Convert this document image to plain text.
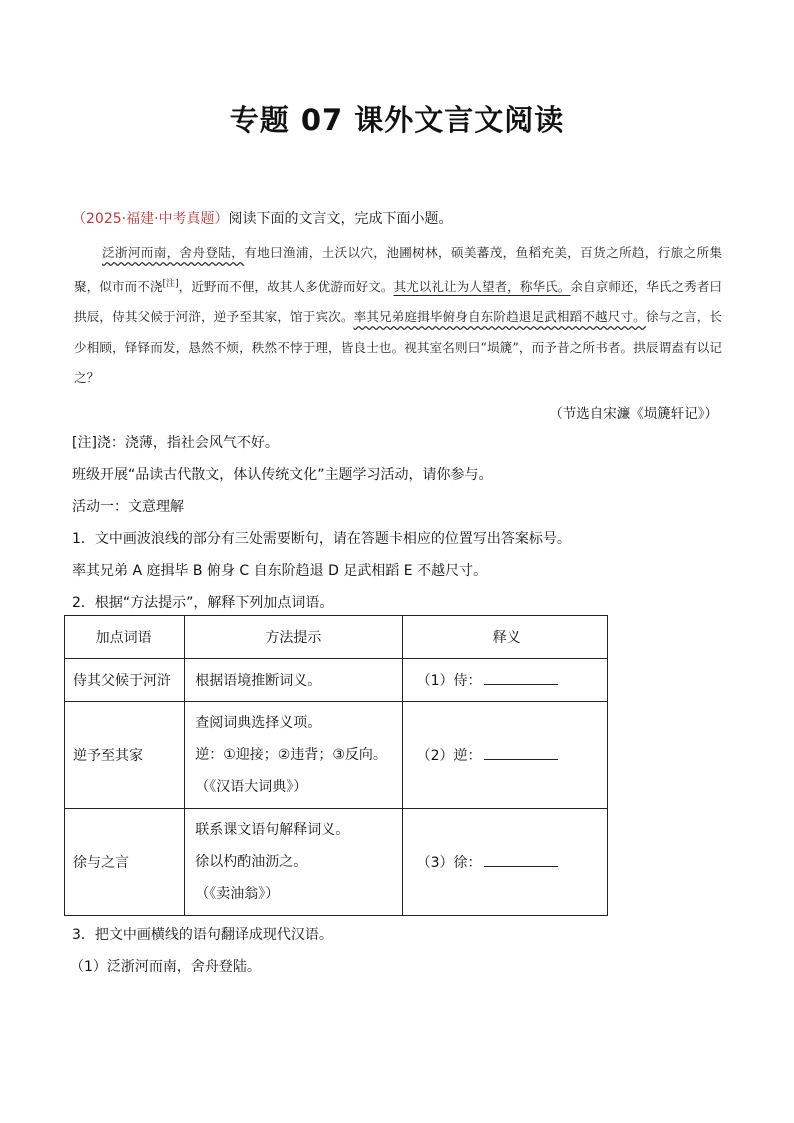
专题 07 课外文言文阅读
（2025·福建·中考真题）阅读下面的文言文，完成下面小题。

泛浙河而南，舍舟登陆，有地曰渔浦，土沃以穴，池圃树林，硕美蕃茂，鱼稻充美，百货之所趋，行旅之所集聚，似市而不浇[注]，近野而不俚，故其人多优游而好文。其尤以礼让为人望者，称华氏。余自京师还，华氏之秀者曰拱辰，侍其父候于河浒，逆予至其家，馆于宾次。率其兄弟庭揖毕俯身自东阶趋退足武相蹈不越尺寸。徐与之言，长少相顾，铎铎而发，恳然不烦，秩然不悖于理，皆良士也。视其室名则曰“埙篪”，而予昔之所书者。拱辰谓盍有以记之？

（节选自宋濂《埙篪轩记》）
[注]浇：浇薄，指社会风气不好。
班级开展“品读古代散文，体认传统文化”主题学习活动，请你参与。
活动一：文意理解
1．文中画波浪线的部分有三处需要断句，请在答题卡相应的位置写出答案标号。
率其兄弟 A 庭揖毕 B 俯身 C 自东阶趋退 D 足武相蹈 E 不越尺寸。
2．根据“方法提示”，解释下列加点词语。
加点词语	方法提示	释义
侍其父候于河浒	根据语境推断词义。	（1）侍：
逆予至其家	查阅词典选择义项。
逆：①迎接；②违背；③反向。
（《汉语大词典》）	（2）逆：
徐与之言	联系课文语句解释词义。
徐以杓酌油沥之。
（《卖油翁》）	（3）徐：
3．把文中画横线的语句翻译成现代汉语。
（1）泛浙河而南，舍舟登陆。
